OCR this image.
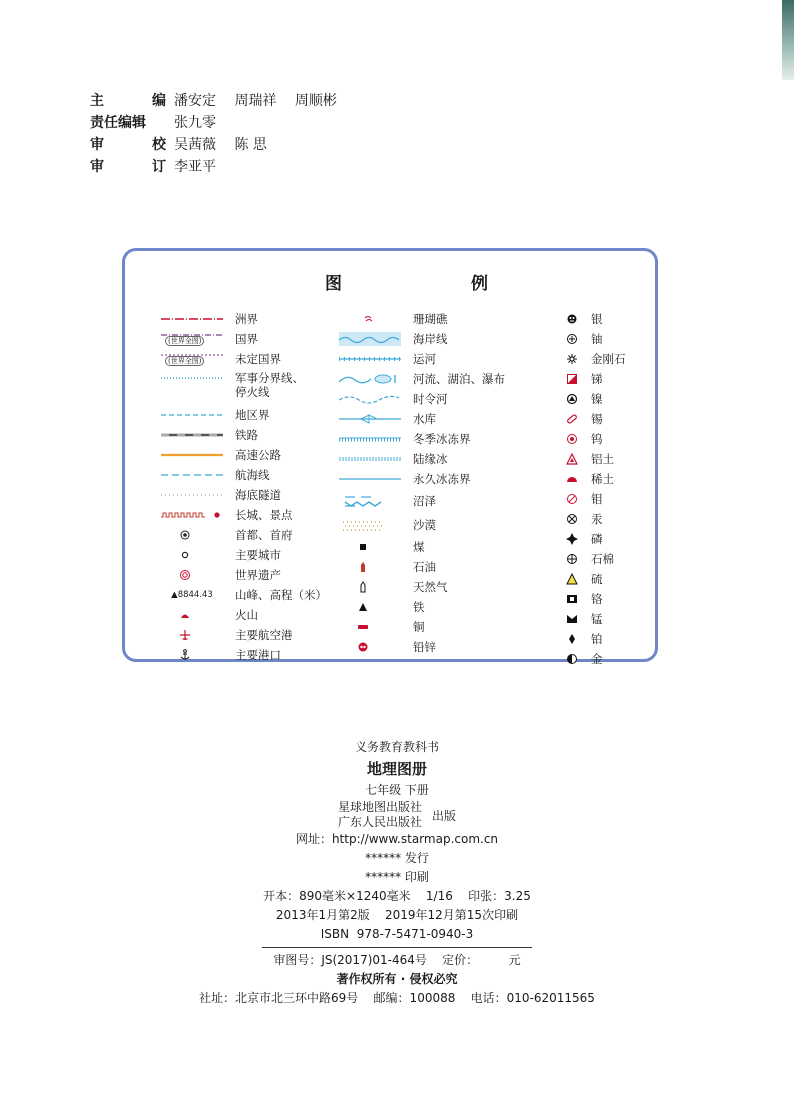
主	编 潘安定 周瑞祥 周顺彬
责任编辑	张九零
审	校 吴茜薇 陈 思
审	订 李亚平
图	例
洲界
(世界全图)	国界
(世界全图)	未定国界
军事分界线、
停火线
地区界
铁路
高速公路
航海线
海底隧道
长城、景点
首都、首府
主要城市
世界遗产
▲8844.43	山峰、高程（米）
火山
主要航空港
主要港口
珊瑚礁
海岸线
运河
河流、湖泊、瀑布
时令河
水库
冬季冰冻界
陆缘冰
永久冰冻界
沼泽
沙漠
煤
石油
天然气
铁
铜
铅锌
银
铀
金刚石
锑
镍
锡
钨
铝土
稀土
钼
汞
磷
石棉
硫
铬
锰
铂
金
义务教育教科书
地理图册
七年级 下册
星球地图出版社
广东人民出版社 出版
网址：http://www.starmap.com.cn
****** 发行
****** 印刷
开本：890毫米×1240毫米    1/16    印张：3.25
2013年1月第2版    2019年12月第15次印刷
ISBN  978-7-5471-0940-3
审图号：JS(2017)01-464号    定价：        元
著作权所有 · 侵权必究
社址：北京市北三环中路69号    邮编：100088    电话：010-62011565
